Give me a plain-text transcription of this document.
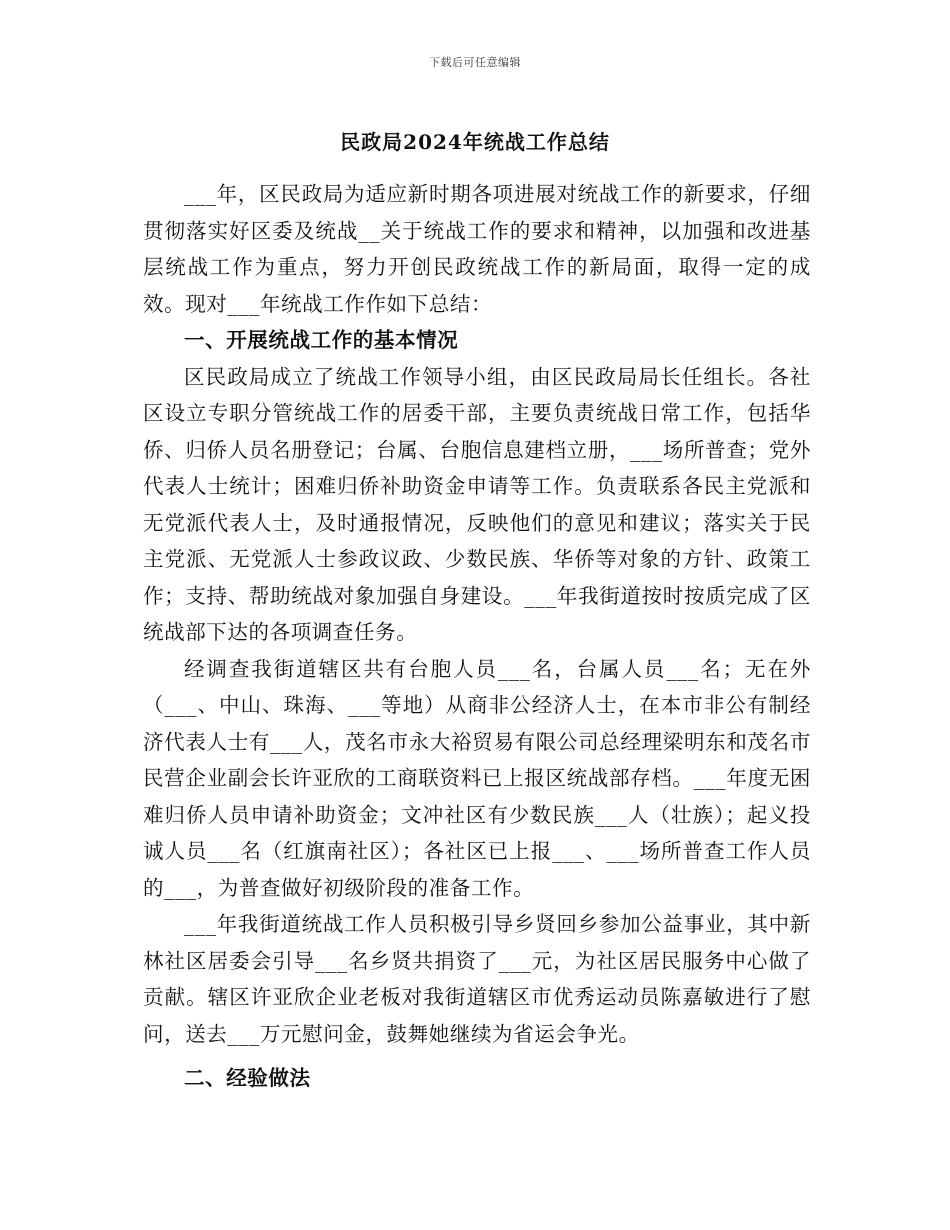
下载后可任意编辑
民政局2024年统战工作总结

___年，区民政局为适应新时期各项进展对统战工作的新要求，仔细贯彻落实好区委及统战__关于统战工作的要求和精神，以加强和改进基层统战工作为重点，努力开创民政统战工作的新局面，取得一定的成效。现对___年统战工作作如下总结：

一、开展统战工作的基本情况

区民政局成立了统战工作领导小组，由区民政局局长任组长。各社区设立专职分管统战工作的居委干部，主要负责统战日常工作，包括华侨、归侨人员名册登记；台属、台胞信息建档立册，___场所普查；党外代表人士统计；困难归侨补助资金申请等工作。负责联系各民主党派和无党派代表人士，及时通报情况，反映他们的意见和建议；落实关于民主党派、无党派人士参政议政、少数民族、华侨等对象的方针、政策工作；支持、帮助统战对象加强自身建设。___年我街道按时按质完成了区统战部下达的各项调查任务。

经调查我街道辖区共有台胞人员___名，台属人员___名；无在外（___、中山、珠海、___等地）从商非公经济人士，在本市非公有制经济代表人士有___人，茂名市永大裕贸易有限公司总经理梁明东和茂名市民营企业副会长许亚欣的工商联资料已上报区统战部存档。___年度无困难归侨人员申请补助资金；文冲社区有少数民族___人（壮族）；起义投诚人员___名（红旗南社区）；各社区已上报___、___场所普查工作人员的___，为普查做好初级阶段的准备工作。

___年我街道统战工作人员积极引导乡贤回乡参加公益事业，其中新林社区居委会引导___名乡贤共捐资了___元，为社区居民服务中心做了贡献。辖区许亚欣企业老板对我街道辖区市优秀运动员陈嘉敏进行了慰问，送去___万元慰问金，鼓舞她继续为省运会争光。

二、经验做法
